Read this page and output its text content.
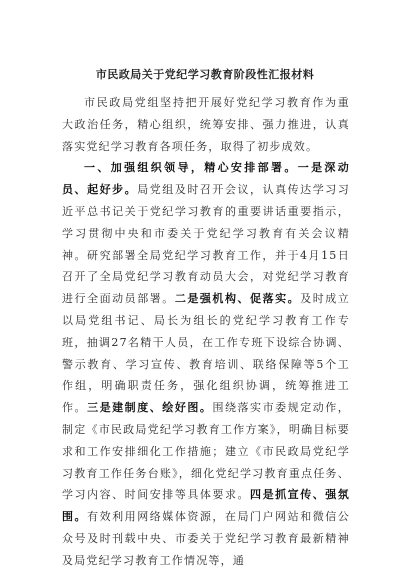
市民政局关于党纪学习教育阶段性汇报材料

市民政局党组坚持把开展好党纪学习教育作为重大政治任务，精心组织，统筹安排、强力推进，认真落实党纪学习教育各项任务，取得了初步成效。

一、加强组织领导，精心安排部署。一是深动员、起好步。局党组及时召开会议，认真传达学习习近平总书记关于党纪学习教育的重要讲话重要指示，学习贯彻中央和市委关于党纪学习教育有关会议精神。研究部署全局党纪学习教育工作，并于4月15日召开了全局党纪学习教育动员大会，对党纪学习教育进行全面动员部署。二是强机构、促落实。及时成立以局党组书记、局长为组长的党纪学习教育工作专班，抽调27名精干人员，在工作专班下设综合协调、警示教育、学习宣传、教育培训、联络保障等5个工作组，明确职责任务，强化组织协调，统筹推进工作。三是建制度、绘好图。围绕落实市委规定动作，制定《市民政局党纪学习教育工作方案》，明确目标要求和工作安排细化工作措施；建立《市民政局党纪学习教育工作任务台账》，细化党纪学习教育重点任务、学习内容、时间安排等具体要求。四是抓宣传、强氛围。有效利用网络媒体资源，在局门户网站和微信公众号及时刊载中央、市委关于党纪学习教育最新精神及局党纪学习教育工作情况等，通
